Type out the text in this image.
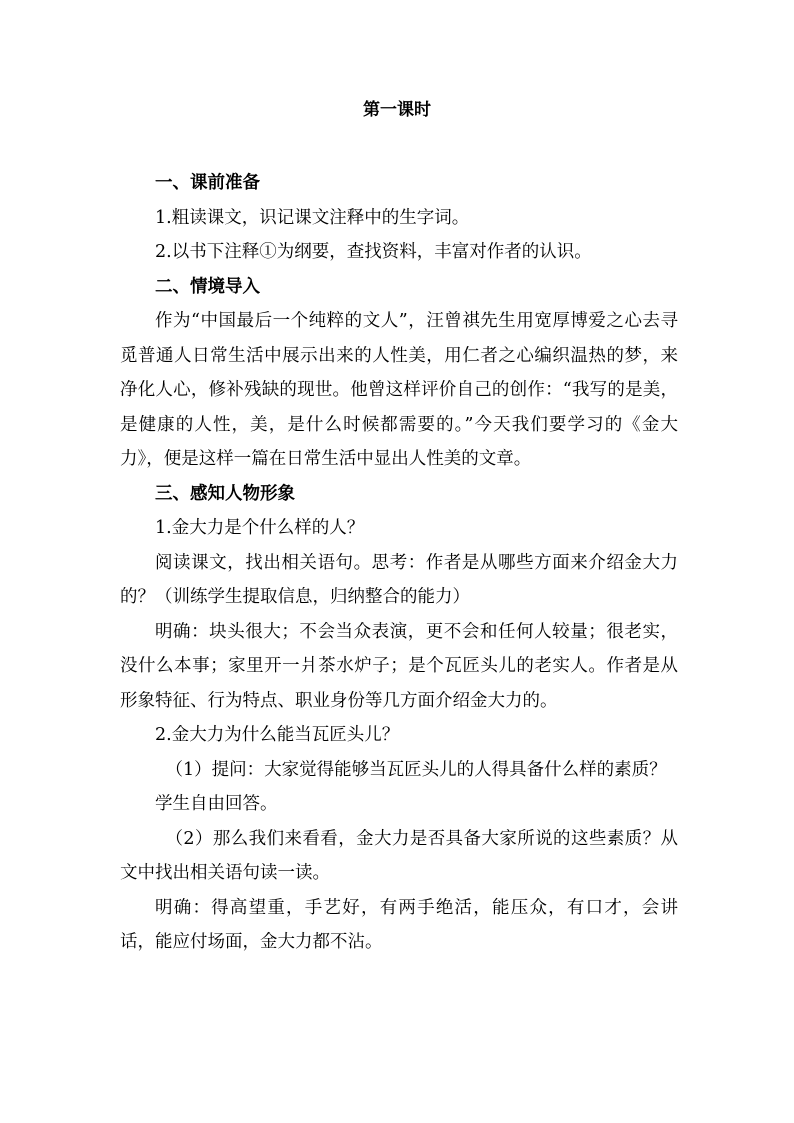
第一课时

一、课前准备

1.粗读课文，识记课文注释中的生字词。

2.以书下注释①为纲要，查找资料，丰富对作者的认识。

二、情境导入

作为“中国最后一个纯粹的文人”，汪曾祺先生用宽厚博爱之心去寻觅普通人日常生活中展示出来的人性美，用仁者之心编织温热的梦，来净化人心，修补残缺的现世。他曾这样评价自己的创作：“我写的是美，是健康的人性，美，是什么时候都需要的。”今天我们要学习的《金大力》，便是这样一篇在日常生活中显出人性美的文章。

三、感知人物形象

1.金大力是个什么样的人？

阅读课文，找出相关语句。思考：作者是从哪些方面来介绍金大力的？（训练学生提取信息，归纳整合的能力）

明确：块头很大；不会当众表演，更不会和任何人较量；很老实，没什么本事；家里开一爿茶水炉子；是个瓦匠头儿的老实人。作者是从形象特征、行为特点、职业身份等几方面介绍金大力的。

2.金大力为什么能当瓦匠头儿？

（1）提问：大家觉得能够当瓦匠头儿的人得具备什么样的素质？

学生自由回答。

（2）那么我们来看看，金大力是否具备大家所说的这些素质？从文中找出相关语句读一读。

明确：得高望重，手艺好，有两手绝活，能压众，有口才，会讲话，能应付场面，金大力都不沾。
